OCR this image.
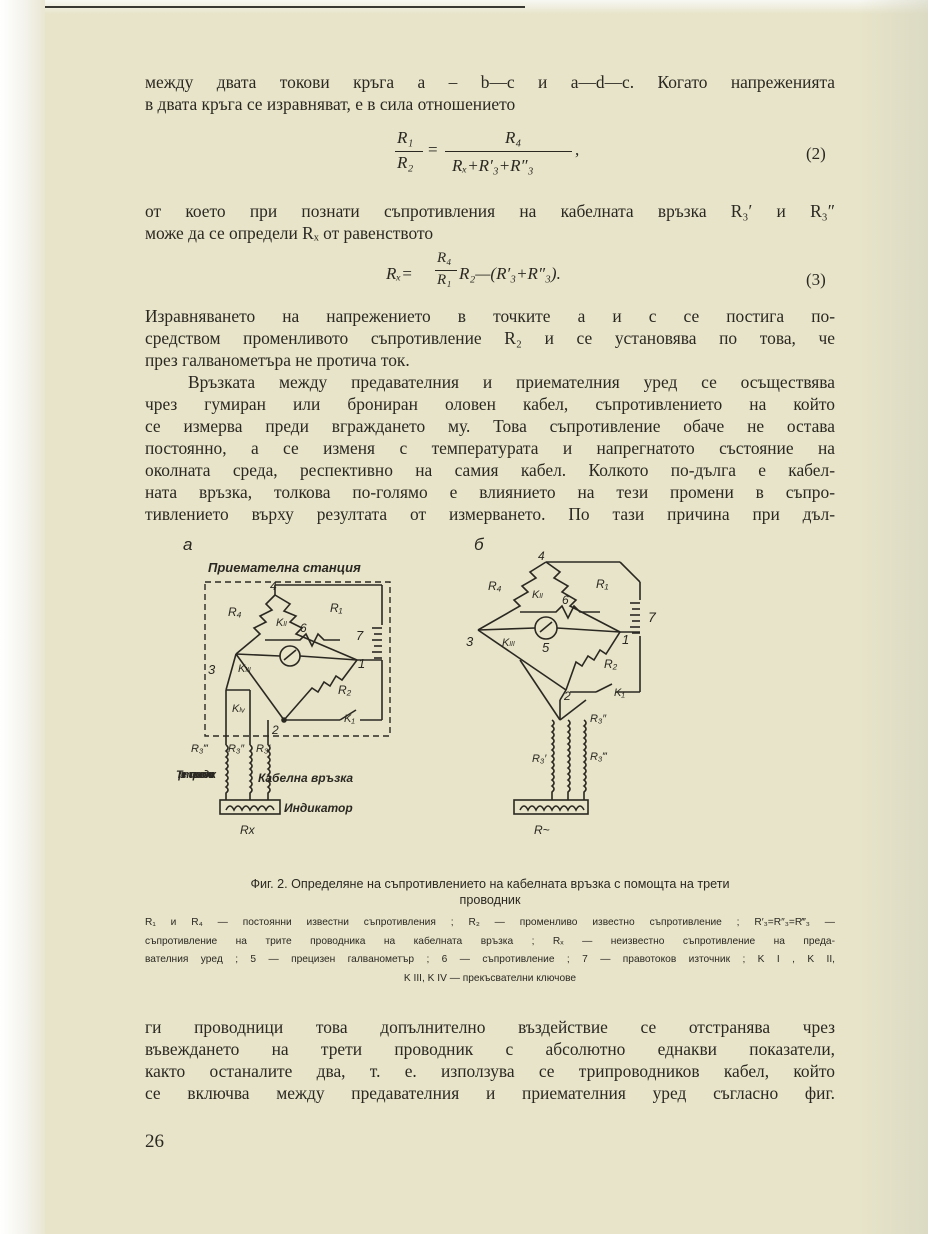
между двата токови кръга a – b—c и a—d—c. Когато напреженията
в двата кръга се изравняват, е в сила отношението
R₁
R₂
=
R₄
Rₓ+R′₃+R″₃
,	(2)
от което при познати съпротивления на кабелната връзка R₃′ и R₃″
може да се определи Rₓ от равенството
Rₓ=
R₄
R₁ R₂—(R′₃+R″₃).	(3)
Изравняването на напрежението в точките a и c се постига по-
средством променливото съпротивление R₂ и се установява по това, че
през галванометъра не протича ток.
Връзката между предавателния и приемателния уред се осъществява
чрез гумиран или брониран оловен кабел, съпротивлението на който
се измерва преди вграждането му. Това съпротивление обаче не остава
постоянно, а се изменя с температурата и напрегнатото състояние на
околната среда, респективно на самия кабел. Колкото по-дълга е кабел-
ната връзка, толкова по-голямо е влиянието на тези промени в съпро-
тивлението върху резултата от измерването. По тази причина при дъл-
а
Приемателна станция
4
R₄	R₁
Kₗₗ 6	7
Kₗₗₗ
3	1
R₂
Kₗᵥ
K₁
2
R₃‴ R₃″ R₃′
Трети проводник	Кабелна връзка
Индикатор
Rx
б
4
R₄	R₁
Kₗₗ 6
7
Kₗₗₗ
3	5
1
R₂
K₁
2
R₃″
R₃′	R₃‴
R~
Фиг. 2. Определяне на съпротивлението на кабелната връзка с помощта на трети
проводник
R₁ и R₄ — постоянни известни съпротивления ; R₂ — променливо известно съпротивление ; R′₃=R″₃=R‴₃ —
съпротивление на трите проводника на кабелната връзка ; Rₓ — неизвестно съпротивление на преда-
вателния уред ; 5 — прецизен галванометър ; 6 — съпротивление ; 7 — правотоков източник ; K I , K II,
K III, K IV — прекъсвателни ключове
ги проводници това допълнително въздействие се отстранява чрез
въвеждането на трети проводник с абсолютно еднакви показатели,
както останалите два, т. е. използува се трипроводников кабел, който
се включва между предавателния и приемателния уред съгласно фиг.
26
